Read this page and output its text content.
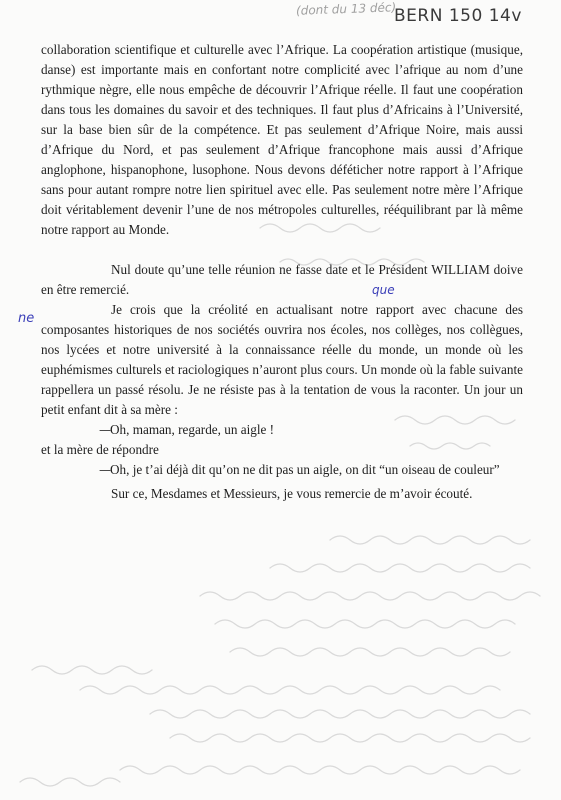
BERN 150 14v
(dont du 13 déc)
que
ne

collaboration scientifique et culturelle avec l’Afrique. La coopération artistique (musique, danse) est importante mais en confortant notre complicité avec l’afrique au nom d’une rythmique nègre, elle nous empêche de découvrir l’Afrique réelle. Il faut une coopération dans tous les domaines du savoir et des techniques. Il faut plus d’Africains à l’Université, sur la base bien sûr de la compétence. Et pas seulement d’Afrique Noire, mais aussi d’Afrique du Nord, et pas seulement d’Afrique francophone mais aussi d’Afrique anglophone, hispanophone, lusophone. Nous devons déféticher notre rapport à l’Afrique sans pour autant rompre notre lien spirituel avec elle. Pas seulement notre mère l’Afrique doit véritablement devenir l’une de nos métropoles culturelles, rééquilibrant par là même notre rapport au Monde.

Nul doute qu’une telle réunion ne fasse date et le Président WILLIAM doive en être remercié.

Je crois que la créolité en actualisant notre rapport avec chacune des composantes historiques de nos sociétés ouvrira nos écoles, nos collèges, nos collègues, nos lycées et notre université à la connaissance réelle du monde, un monde où les euphémismes culturels et raciologiques n’auront plus cours. Un monde où la fable suivante rappellera un passé résolu. Je ne résiste pas à la tentation de vous la raconter. Un jour un petit enfant dit à sa mère :

—Oh, maman, regarde, un aigle !

et la mère de répondre

—Oh, je t’ai déjà dit qu’on ne dit pas un aigle, on dit “un oiseau de couleur”

Sur ce, Mesdames et Messieurs, je vous remercie de m’avoir écouté.
